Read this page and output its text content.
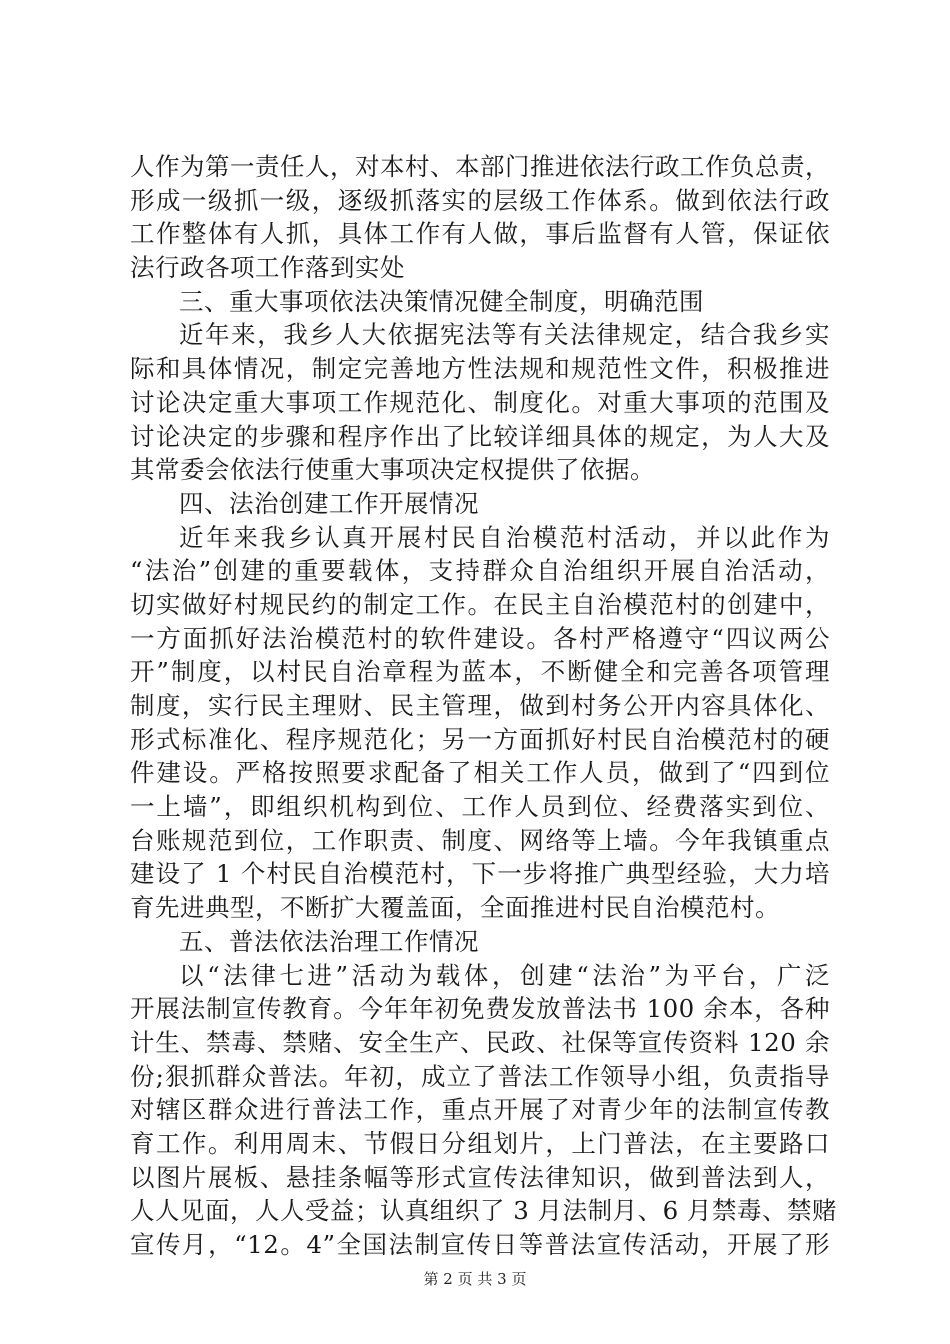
人作为第一责任人，对本村、本部门推进依法行政工作负总责，
形成一级抓一级，逐级抓落实的层级工作体系。做到依法行政
工作整体有人抓，具体工作有人做，事后监督有人管，保证依
法行政各项工作落到实处
三、重大事项依法决策情况健全制度，明确范围
近年来，我乡人大依据宪法等有关法律规定，结合我乡实
际和具体情况，制定完善地方性法规和规范性文件，积极推进
讨论决定重大事项工作规范化、制度化。对重大事项的范围及
讨论决定的步骤和程序作出了比较详细具体的规定，为人大及
其常委会依法行使重大事项决定权提供了依据。
四、法治创建工作开展情况
近年来我乡认真开展村民自治模范村活动，并以此作为
“法治”创建的重要载体，支持群众自治组织开展自治活动，
切实做好村规民约的制定工作。在民主自治模范村的创建中，
一方面抓好法治模范村的软件建设。各村严格遵守“四议两公
开”制度，以村民自治章程为蓝本，不断健全和完善各项管理
制度，实行民主理财、民主管理，做到村务公开内容具体化、
形式标准化、程序规范化；另一方面抓好村民自治模范村的硬
件建设。严格按照要求配备了相关工作人员，做到了“四到位
一上墙”，即组织机构到位、工作人员到位、经费落实到位、
台账规范到位，工作职责、制度、网络等上墙。今年我镇重点
建设了 1 个村民自治模范村，下一步将推广典型经验，大力培
育先进典型，不断扩大覆盖面，全面推进村民自治模范村。
五、普法依法治理工作情况
以“法律七进”活动为载体，创建“法治”为平台，广泛
开展法制宣传教育。今年年初免费发放普法书 100 余本，各种
计生、禁毒、禁赌、安全生产、民政、社保等宣传资料 120 余
份;狠抓群众普法。年初，成立了普法工作领导小组，负责指导
对辖区群众进行普法工作，重点开展了对青少年的法制宣传教
育工作。利用周末、节假日分组划片，上门普法，在主要路口
以图片展板、悬挂条幅等形式宣传法律知识，做到普法到人，
人人见面，人人受益；认真组织了 3 月法制月、6 月禁毒、禁赌
宣传月，“12。4”全国法制宣传日等普法宣传活动，开展了形
第 2 页 共 3 页
